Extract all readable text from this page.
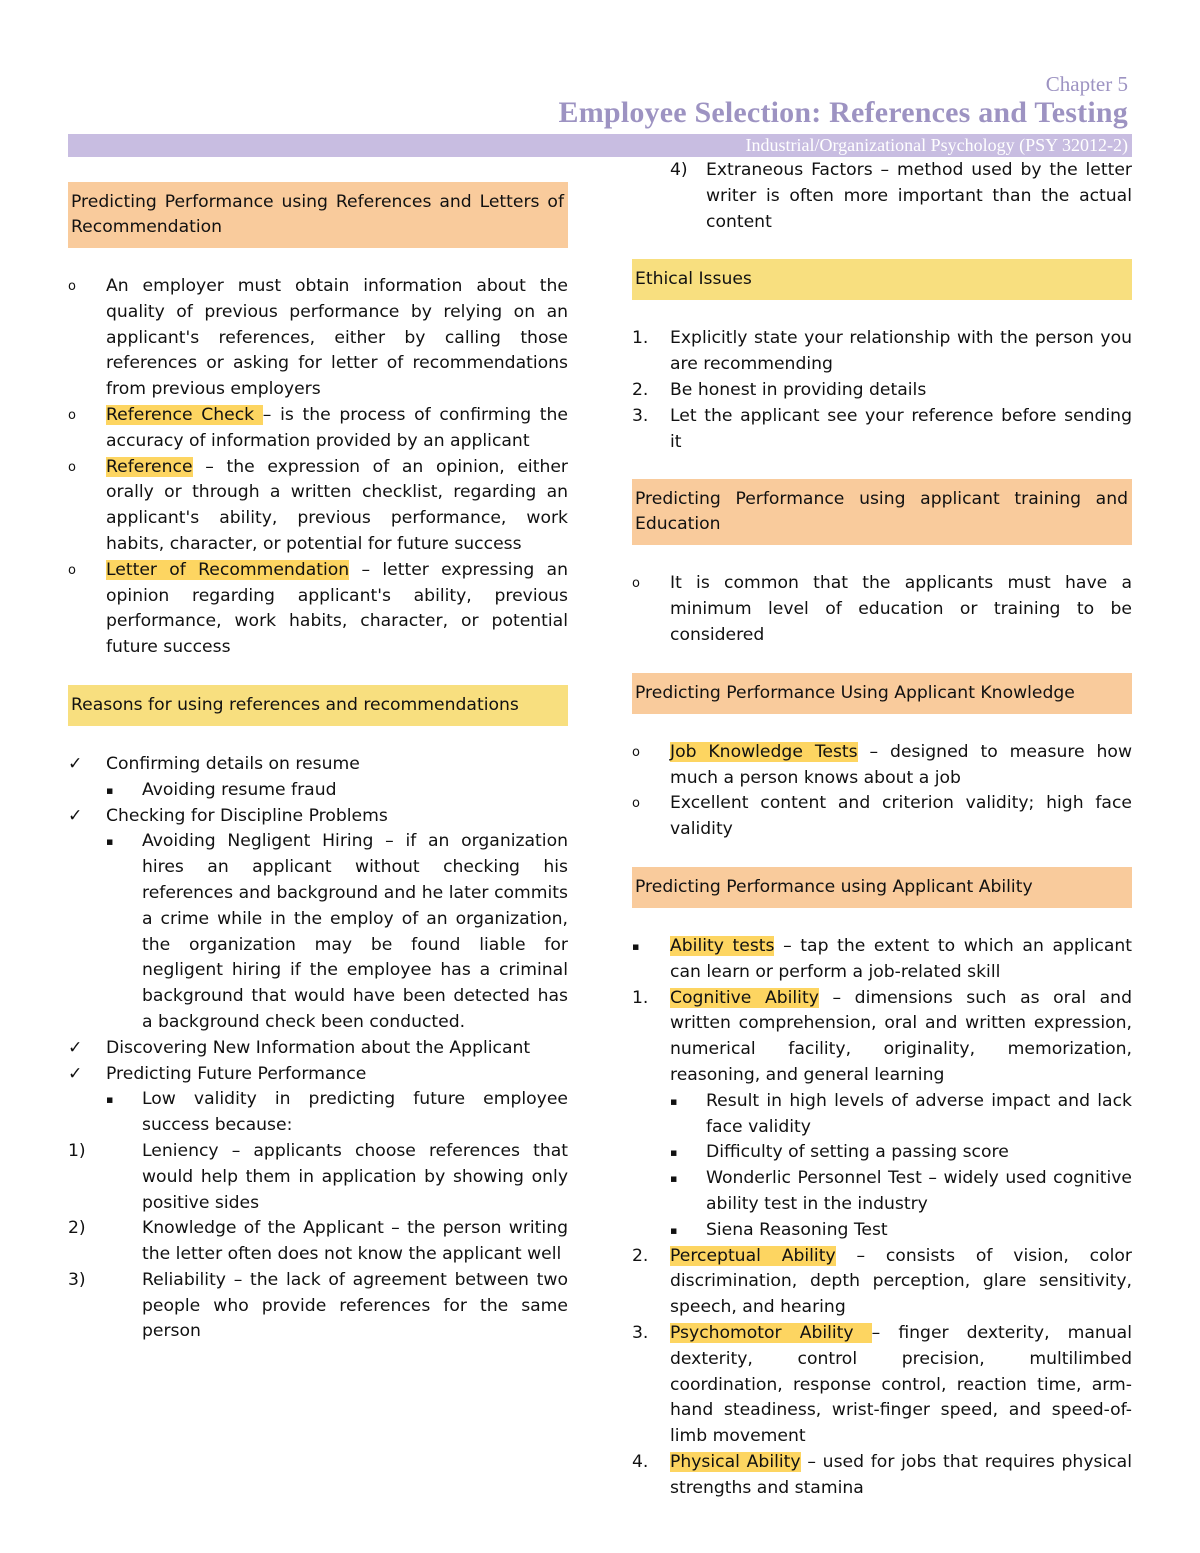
Chapter 5
Employee Selection: References and Testing
Industrial/Organizational Psychology (PSY 32012-2)

Predicting Performance using References and Letters of Recommendation

o An employer must obtain information about the quality of previous performance by relying on an applicant's references, either by calling those references or asking for letter of recommendations from previous employers

o Reference Check – is the process of confirming the accuracy of information provided by an applicant

o Reference – the expression of an opinion, either orally or through a written checklist, regarding an applicant's ability, previous performance, work habits, character, or potential for future success

o Letter of Recommendation – letter expressing an opinion regarding applicant's ability, previous performance, work habits, character, or potential future success

Reasons for using references and recommendations

✓ Confirming details on resume

▪ Avoiding resume fraud

✓ Checking for Discipline Problems

▪ Avoiding Negligent Hiring – if an organization hires an applicant without checking his references and background and he later commits a crime while in the employ of an organization, the organization may be found liable for negligent hiring if the employee has a criminal background that would have been detected has a background check been conducted.

✓ Discovering New Information about the Applicant

✓ Predicting Future Performance

▪ Low validity in predicting future employee success because:

1)	Leniency – applicants choose references that would help them in application by showing only positive sides

2)	Knowledge of the Applicant – the person writing the letter often does not know the applicant well

3)	Reliability – the lack of agreement between two people who provide references for the same person

4) Extraneous Factors – method used by the letter writer is often more important than the actual content

Ethical Issues

1. Explicitly state your relationship with the person you are recommending

2. Be honest in providing details

3. Let the applicant see your reference before sending it

Predicting Performance using applicant training and Education

o It is common that the applicants must have a minimum level of education or training to be considered

Predicting Performance Using Applicant Knowledge

o Job Knowledge Tests – designed to measure how much a person knows about a job

o Excellent content and criterion validity; high face validity

Predicting Performance using Applicant Ability

▪ Ability tests – tap the extent to which an applicant can learn or perform a job-related skill

1. Cognitive Ability – dimensions such as oral and written comprehension, oral and written expression, numerical facility, originality, memorization, reasoning, and general learning

▪ Result in high levels of adverse impact and lack face validity

▪ Difficulty of setting a passing score

▪ Wonderlic Personnel Test – widely used cognitive ability test in the industry

▪ Siena Reasoning Test

2. Perceptual Ability – consists of vision, color discrimination, depth perception, glare sensitivity, speech, and hearing

3. Psychomotor Ability – finger dexterity, manual dexterity, control precision, multilimbed coordination, response control, reaction time, arm-hand steadiness, wrist-finger speed, and speed-of-limb movement

4. Physical Ability – used for jobs that requires physical strengths and stamina
